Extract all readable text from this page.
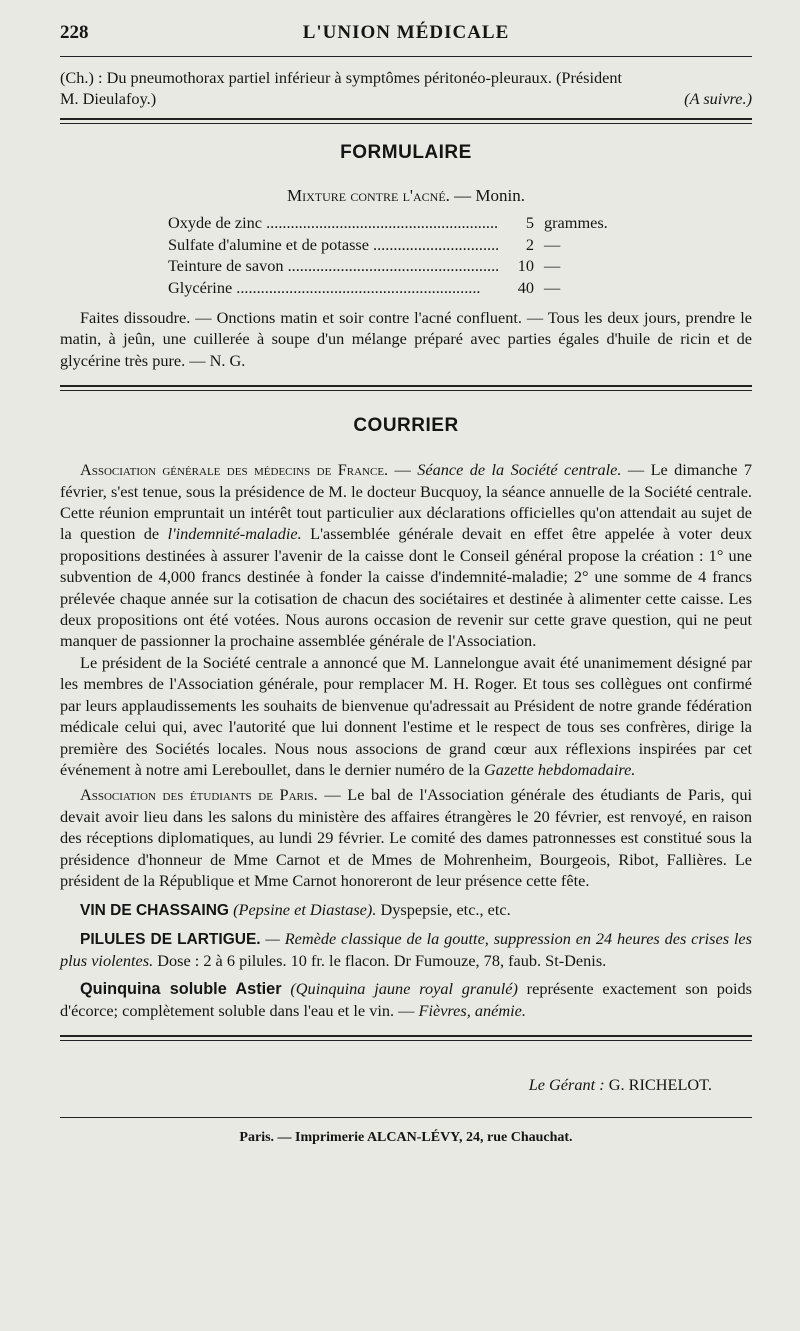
228	L'UNION MÉDICALE

(Ch.) : Du pneumothorax partiel inférieur à symptômes péritonéo-pleuraux. (Président

M. Dieulafoy.)	(A suivre.)
FORMULAIRE
Mixture contre l'acné. — Monin.
Oxyde de zinc .....	5 grammes.
Sulfate d'alumine et de potasse .....	2 —
Teinture de savon .....	10 —
Glycérine .....	40 —

Faites dissoudre. — Onctions matin et soir contre l'acné confluent. — Tous les deux jours, prendre le matin, à jeûn, une cuillerée à soupe d'un mélange préparé avec parties égales d'huile de ricin et de glycérine très pure. — N. G.

COURRIER

Association générale des médecins de France. — Séance de la Société centrale. — Le dimanche 7 février, s'est tenue, sous la présidence de M. le docteur Bucquoy, la séance annuelle de la Société centrale. Cette réunion empruntait un intérêt tout particulier aux déclarations officielles qu'on attendait au sujet de la question de l'indemnité-maladie. L'assemblée générale devait en effet être appelée à voter deux propositions destinées à assurer l'avenir de la caisse dont le Conseil général propose la création : 1° une subvention de 4,000 francs destinée à fonder la caisse d'indemnité-maladie; 2° une somme de 4 francs prélevée chaque année sur la cotisation de chacun des sociétaires et destinée à alimenter cette caisse. Les deux propositions ont été votées. Nous aurons occasion de revenir sur cette grave question, qui ne peut manquer de passionner la prochaine assemblée générale de l'Association.

Le président de la Société centrale a annoncé que M. Lannelongue avait été unanimement désigné par les membres de l'Association générale, pour remplacer M. H. Roger. Et tous ses collègues ont confirmé par leurs applaudissements les souhaits de bienvenue qu'adressait au Président de notre grande fédération médicale celui qui, avec l'autorité que lui donnent l'estime et le respect de tous ses confrères, dirige la première des Sociétés locales. Nous nous associons de grand cœur aux réflexions inspirées par cet événement à notre ami Lereboullet, dans le dernier numéro de la Gazette hebdomadaire.

Association des étudiants de Paris. — Le bal de l'Association générale des étudiants de Paris, qui devait avoir lieu dans les salons du ministère des affaires étrangères le 20 février, est renvoyé, en raison des réceptions diplomatiques, au lundi 29 février. Le comité des dames patronnesses est constitué sous la présidence d'honneur de Mme Carnot et de Mmes de Mohrenheim, Bourgeois, Ribot, Fallières. Le président de la République et Mme Carnot honoreront de leur présence cette fête.

VIN DE CHASSAING (Pepsine et Diastase). Dyspepsie, etc., etc.

PILULES DE LARTIGUE. — Remède classique de la goutte, suppression en 24 heures des crises les plus violentes. Dose : 2 à 6 pilules. 10 fr. le flacon. Dr Fumouze, 78, faub. St-Denis.

Quinquina soluble Astier (Quinquina jaune royal granulé) représente exactement son poids d'écorce; complètement soluble dans l'eau et le vin. — Fièvres, anémie.

Le Gérant : G. RICHELOT.
Paris. — Imprimerie ALCAN-LÉVY, 24, rue Chauchat.
